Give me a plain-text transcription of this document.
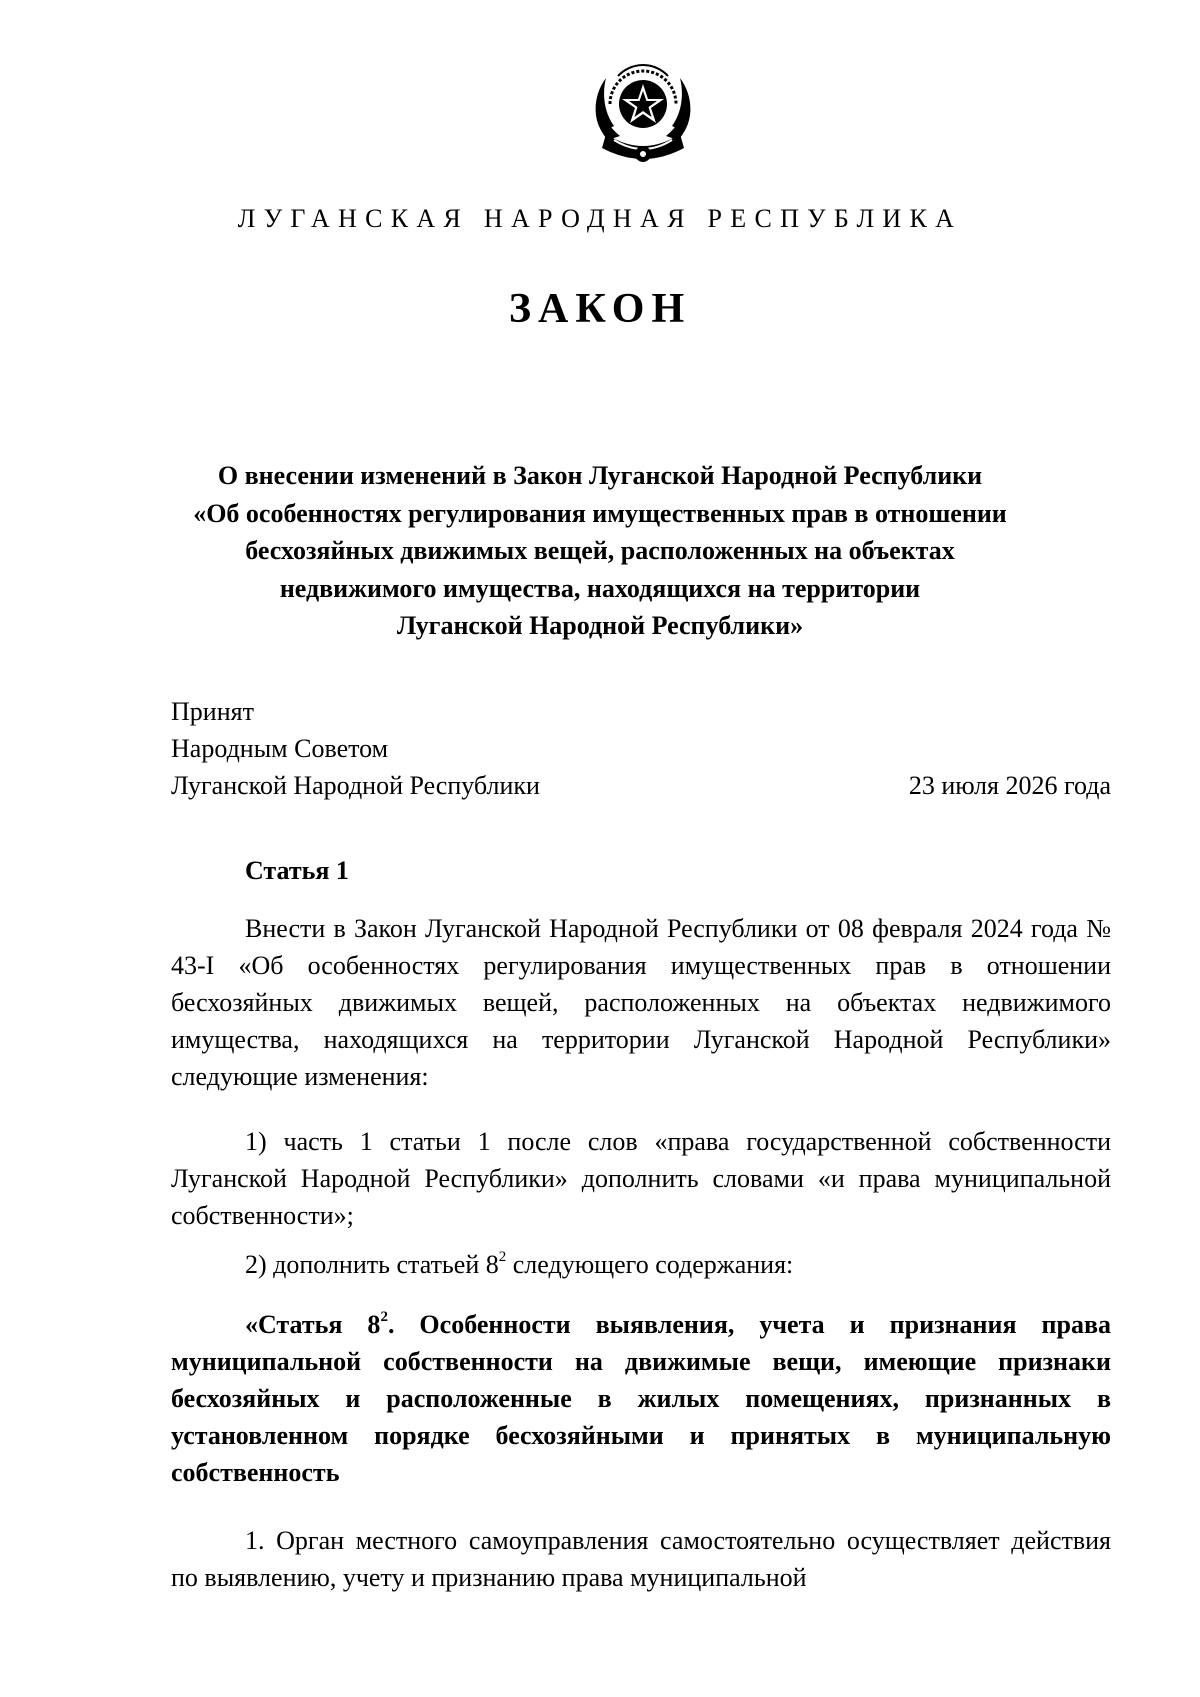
ЛУГАНСКАЯ НАРОДНАЯ РЕСПУБЛИКА
ЗАКОН
О внесении изменений в Закон Луганской Народной Республики
«Об особенностях регулирования имущественных прав в отношении
бесхозяйных движимых вещей, расположенных на объектах
недвижимого имущества, находящихся на территории
Луганской Народной Республики»
Принят
Народным Советом
Луганской Народной Республики	23 июля 2026 года
Статья 1

Внести в Закон Луганской Народной Республики от 08 февраля 2024 года № 43-I «Об особенностях регулирования имущественных прав в отношении бесхозяйных движимых вещей, расположенных на объектах недвижимого имущества, находящихся на территории Луганской Народной Республики» следующие изменения:

1) часть 1 статьи 1 после слов «права государственной собственности Луганской Народной Республики» дополнить словами «и права муниципальной собственности»;

2) дополнить статьей $8^2$ следующего содержания:

«Статья $8^2$. Особенности выявления, учета и признания права муниципальной собственности на движимые вещи, имеющие признаки бесхозяйных и расположенные в жилых помещениях, признанных в установленном порядке бесхозяйными и принятых в муниципальную собственность

1. Орган местного самоуправления самостоятельно осуществляет действия по выявлению, учету и признанию права муниципальной
